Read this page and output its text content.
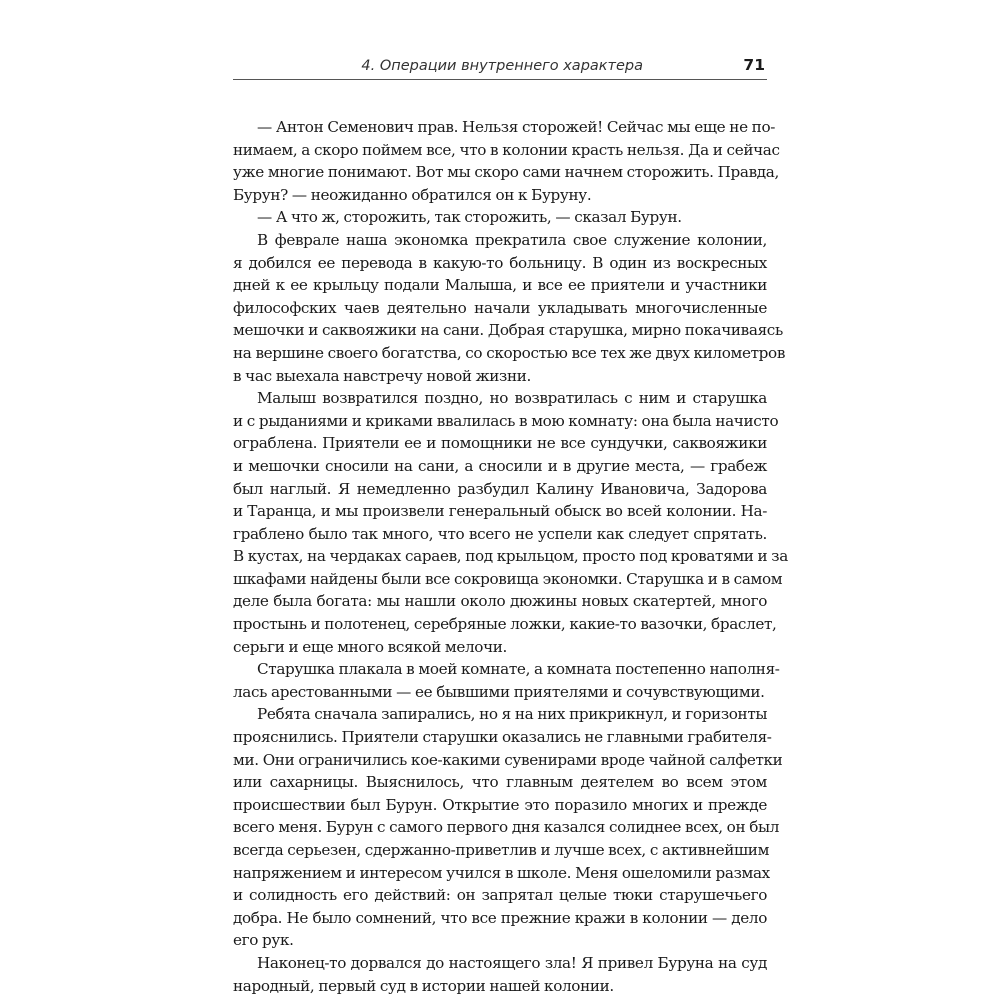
4. Операции внутреннего характера	71
— Антон Семенович прав. Нельзя сторожей! Сейчас мы еще не по-
нимаем, а скоро поймем все, что в колонии красть нельзя. Да и сейчас
уже многие понимают. Вот мы скоро сами начнем сторожить. Правда,
Бурун? — неожиданно обратился он к Буруну.
— А что ж, сторожить, так сторожить, — сказал Бурун.
В феврале наша экономка прекратила свое служение колонии,
я добился ее перевода в какую-то больницу. В один из воскресных
дней к ее крыльцу подали Малыша, и все ее приятели и участники
философских чаев деятельно начали укладывать многочисленные
мешочки и саквояжики на сани. Добрая старушка, мирно покачиваясь
на вершине своего богатства, со скоростью все тех же двух километров
в час выехала навстречу новой жизни.
Малыш возвратился поздно, но возвратилась с ним и старушка
и с рыданиями и криками ввалилась в мою комнату: она была начисто
ограблена. Приятели ее и помощники не все сундучки, саквояжики
и мешочки сносили на сани, а сносили и в другие места, — грабеж
был наглый. Я немедленно разбудил Калину Ивановича, Задорова
и Таранца, и мы произвели генеральный обыск во всей колонии. На-
граблено было так много, что всего не успели как следует спрятать.
В кустах, на чердаках сараев, под крыльцом, просто под кроватями и за
шкафами найдены были все сокровища экономки. Старушка и в самом
деле была богата: мы нашли около дюжины новых скатертей, много
простынь и полотенец, серебряные ложки, какие-то вазочки, браслет,
серьги и еще много всякой мелочи.
Старушка плакала в моей комнате, а комната постепенно наполня-
лась арестованными — ее бывшими приятелями и сочувствующими.
Ребята сначала запирались, но я на них прикрикнул, и горизонты
прояснились. Приятели старушки оказались не главными грабителя-
ми. Они ограничились кое-какими сувенирами вроде чайной салфетки
или сахарницы. Выяснилось, что главным деятелем во всем этом
происшествии был Бурун. Открытие это поразило многих и прежде
всего меня. Бурун с самого первого дня казался солиднее всех, он был
всегда серьезен, сдержанно-приветлив и лучше всех, с активнейшим
напряжением и интересом учился в школе. Меня ошеломили размах
и солидность его действий: он запрятал целые тюки старушечьего
добра. Не было сомнений, что все прежние кражи в колонии — дело
его рук.
Наконец-то дорвался до настоящего зла! Я привел Буруна на суд
народный, первый суд в истории нашей колонии.
